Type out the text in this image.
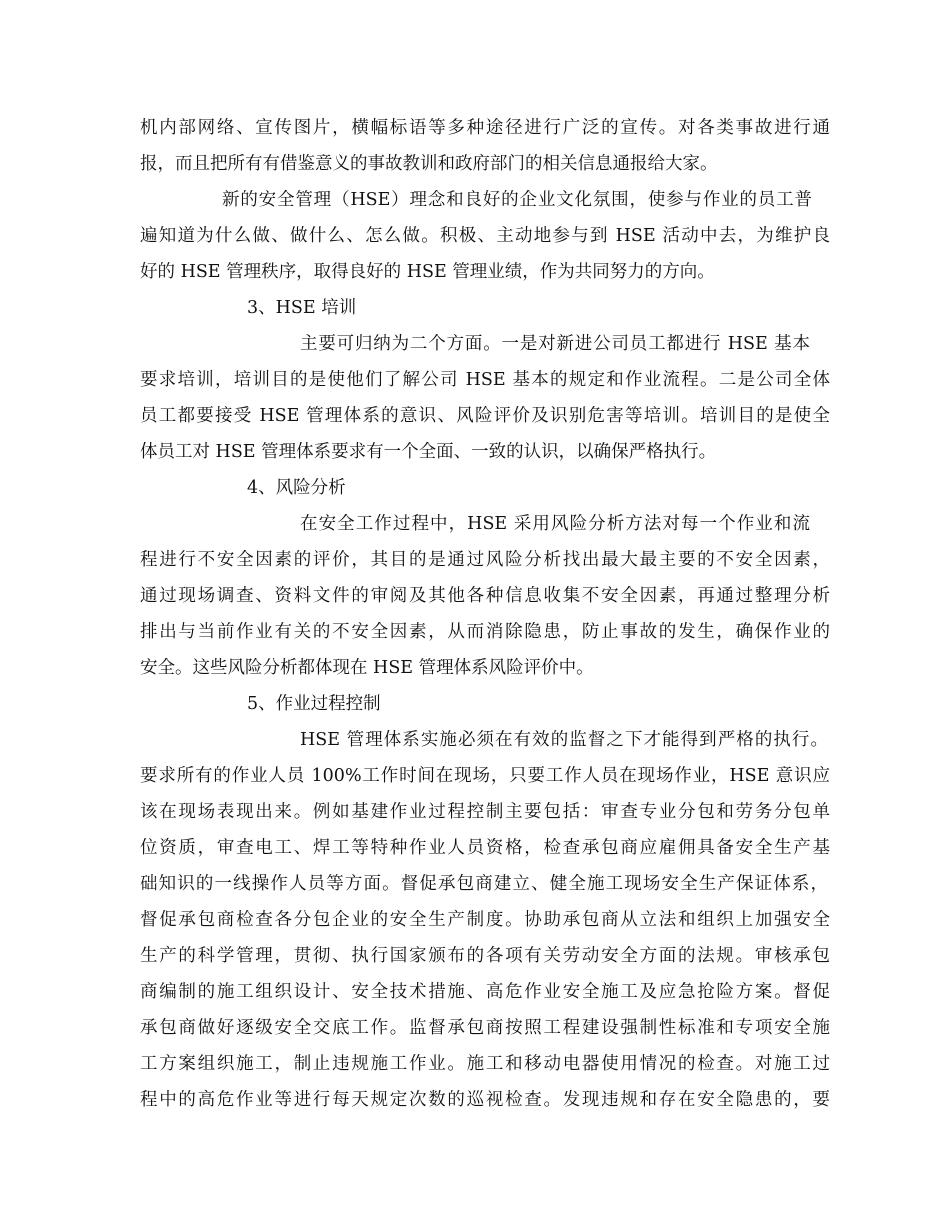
机内部网络、宣传图片，横幅标语等多种途径进行广泛的宣传。对各类事故进行通
报，而且把所有有借鉴意义的事故教训和政府部门的相关信息通报给大家。
新的安全管理（HSE）理念和良好的企业文化氛围，使参与作业的员工普
遍知道为什么做、做什么、怎么做。积极、主动地参与到 HSE 活动中去，为维护良
好的 HSE 管理秩序，取得良好的 HSE 管理业绩，作为共同努力的方向。
3、HSE 培训
主要可归纳为二个方面。一是对新进公司员工都进行 HSE 基本
要求培训，培训目的是使他们了解公司 HSE 基本的规定和作业流程。二是公司全体
员工都要接受 HSE 管理体系的意识、风险评价及识别危害等培训。培训目的是使全
体员工对 HSE 管理体系要求有一个全面、一致的认识，以确保严格执行。
4、风险分析
在安全工作过程中，HSE 采用风险分析方法对每一个作业和流
程进行不安全因素的评价，其目的是通过风险分析找出最大最主要的不安全因素，
通过现场调查、资料文件的审阅及其他各种信息收集不安全因素，再通过整理分析
排出与当前作业有关的不安全因素，从而消除隐患，防止事故的发生，确保作业的
安全。这些风险分析都体现在 HSE 管理体系风险评价中。
5、作业过程控制
HSE 管理体系实施必须在有效的监督之下才能得到严格的执行。
要求所有的作业人员 100%工作时间在现场，只要工作人员在现场作业，HSE 意识应
该在现场表现出来。例如基建作业过程控制主要包括：审查专业分包和劳务分包单
位资质，审查电工、焊工等特种作业人员资格，检查承包商应雇佣具备安全生产基
础知识的一线操作人员等方面。督促承包商建立、健全施工现场安全生产保证体系，
督促承包商检查各分包企业的安全生产制度。协助承包商从立法和组织上加强安全
生产的科学管理，贯彻、执行国家颁布的各项有关劳动安全方面的法规。审核承包
商编制的施工组织设计、安全技术措施、高危作业安全施工及应急抢险方案。督促
承包商做好逐级安全交底工作。监督承包商按照工程建设强制性标准和专项安全施
工方案组织施工，制止违规施工作业。施工和移动电器使用情况的检查。对施工过
程中的高危作业等进行每天规定次数的巡视检查。发现违规和存在安全隐患的，要
